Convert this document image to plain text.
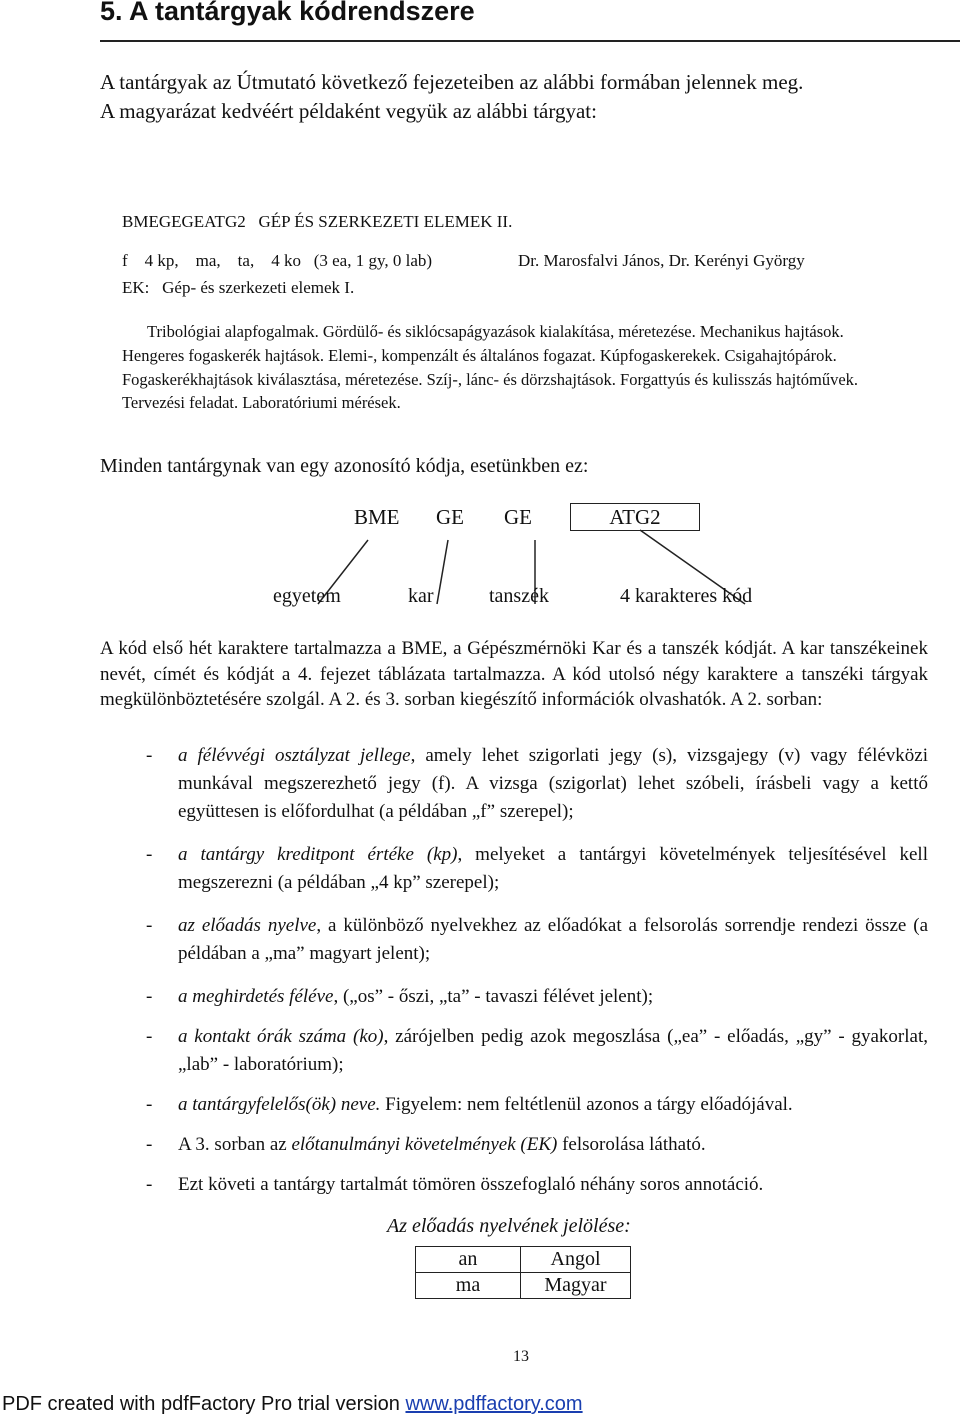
5. A tantárgyak kódrendszere
A tantárgyak az Útmutató következő fejezeteiben az alábbi formában jelennek meg.
A magyarázat kedvéért példaként vegyük az alábbi tárgyat:
BMEGEGEATG2   GÉP ÉS SZERKEZETI ELEMEK II.
f    4 kp,    ma,    ta,    4 ko   (3 ea, 1 gy, 0 lab)	Dr. Marosfalvi János, Dr. Kerényi György
EK:   Gép- és szerkezeti elemek I.

Tribológiai alapfogalmak. Gördülő- és siklócsapágyazások kialakítása, méretezése. Mechanikus hajtások. Hengeres fogaskerék hajtások. Elemi-, kompenzált és általános fogazat. Kúpfogaskerekek. Csigahajtópárok. Fogaskerékhajtások kiválasztása, méretezése. Szíj-, lánc- és dörzshajtások. Forgattyús és kulisszás hajtóművek. Tervezési feladat. Laboratóriumi mérések.

Minden tantárgynak van egy azonosító kódja, esetünkben ez:
BME GE GE	ATG2
egyetem	kar	tanszék	4 karakteres kód

A kód első hét karaktere tartalmazza a BME, a Gépészmérnöki Kar és a tanszék kódját. A kar tanszékeinek nevét, címét és kódját a 4. fejezet táblázata tartalmazza. A kód utolsó négy karaktere a tanszéki tárgyak megkülönböztetésére szolgál. A 2. és 3. sorban kiegészítő információk olvashatók. A 2. sorban:

- a félévvégi osztályzat jellege, amely lehet szigorlati jegy (s), vizsgajegy (v) vagy félévközi munkával megszerezhető jegy (f). A vizsga (szigorlat) lehet szóbeli, írásbeli vagy a kettő együttesen is előfordulhat (a példában „f” szerepel);
- a tantárgy kreditpont értéke (kp), melyeket a tantárgyi követelmények teljesítésével kell megszerezni (a példában „4 kp” szerepel);
- az előadás nyelve, a különböző nyelvekhez az előadókat a felsorolás sorrendje rendezi össze (a példában a „ma” magyart jelent);
- a meghirdetés féléve, („os” - őszi, „ta” - tavaszi félévet jelent);
- a kontakt órák száma (ko), zárójelben pedig azok megoszlása („ea” - előadás, „gy” - gyakorlat, „lab” - laboratórium);
- a tantárgyfelelős(ök) neve. Figyelem: nem feltétlenül azonos a tárgy előadójával.
- A 3. sorban az előtanulmányi követelmények (EK) felsorolása látható.
- Ezt követi a tantárgy tartalmát tömören összefoglaló néhány soros annotáció.
Az előadás nyelvének jelölése:
an	Angol
ma	Magyar
13
PDF created with pdfFactory Pro trial version www.pdffactory.com
